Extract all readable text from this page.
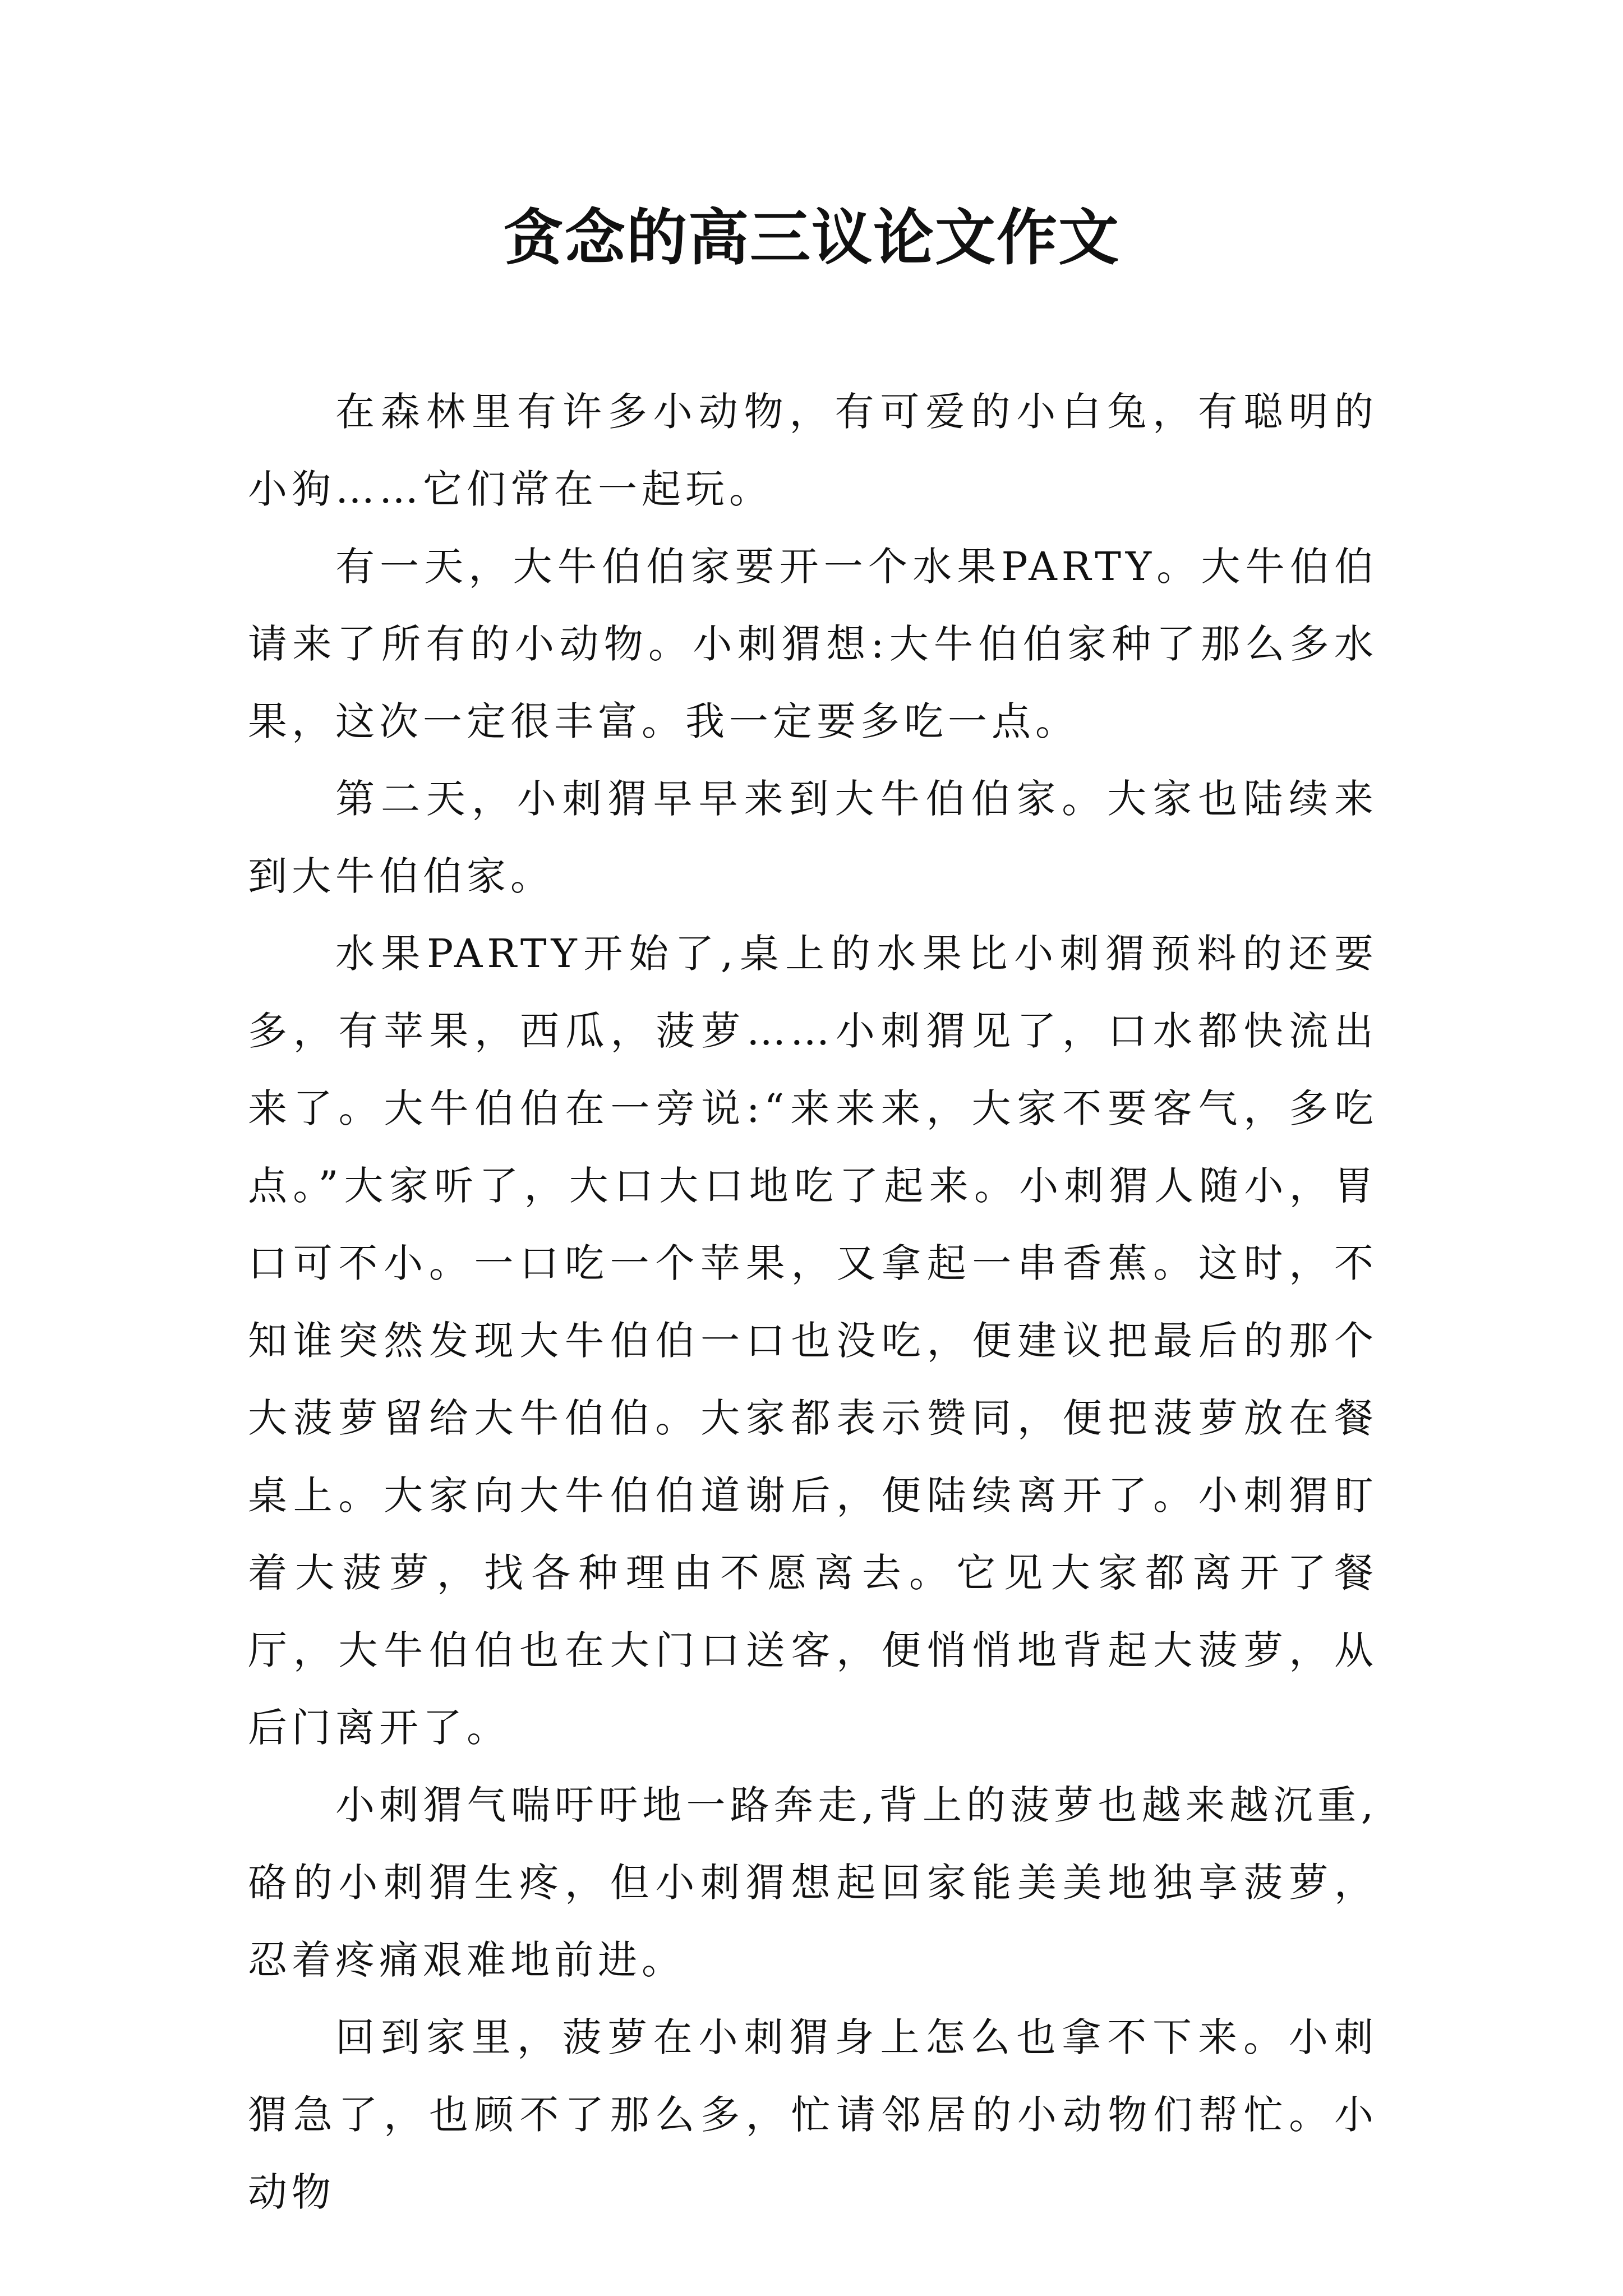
贪念的高三议论文作文

在森林里有许多小动物，有可爱的小白兔，有聪明的小狗……它们常在一起玩。

有一天，大牛伯伯家要开一个水果PARTY。大牛伯伯请来了所有的小动物。小刺猬想:大牛伯伯家种了那么多水果，这次一定很丰富。我一定要多吃一点。

第二天，小刺猬早早来到大牛伯伯家。大家也陆续来到大牛伯伯家。

水果PARTY开始了,桌上的水果比小刺猬预料的还要多，有苹果，西瓜，菠萝……小刺猬见了，口水都快流出来了。大牛伯伯在一旁说:“来来来，大家不要客气，多吃点。”大家听了，大口大口地吃了起来。小刺猬人随小，胃口可不小。一口吃一个苹果，又拿起一串香蕉。这时，不知谁突然发现大牛伯伯一口也没吃，便建议把最后的那个大菠萝留给大牛伯伯。大家都表示赞同，便把菠萝放在餐桌上。大家向大牛伯伯道谢后，便陆续离开了。小刺猬盯着大菠萝，找各种理由不愿离去。它见大家都离开了餐厅，大牛伯伯也在大门口送客，便悄悄地背起大菠萝，从后门离开了。

小刺猬气喘吁吁地一路奔走,背上的菠萝也越来越沉重,硌的小刺猬生疼，但小刺猬想起回家能美美地独享菠萝，忍着疼痛艰难地前进。

回到家里，菠萝在小刺猬身上怎么也拿不下来。小刺猬急了，也顾不了那么多，忙请邻居的小动物们帮忙。小动物
